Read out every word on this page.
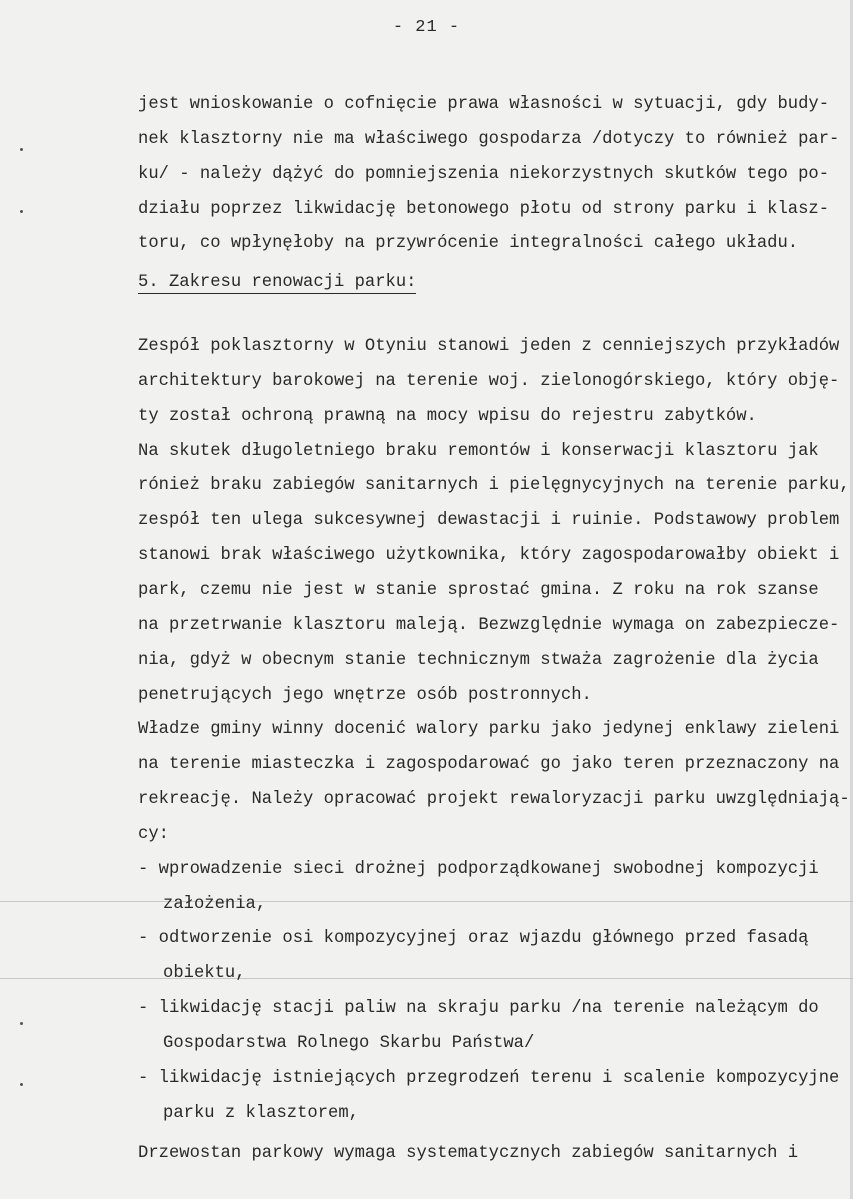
- 21 -
jest wnioskowanie o cofnięcie prawa własności w sytuacji, gdy budy-
nek klasztorny nie ma właściwego gospodarza /dotyczy to również par-
ku/ - należy dążyć do pomniejszenia niekorzystnych skutków tego po-
działu poprzez likwidację betonowego płotu od strony parku i klasz-
toru, co wpłynęłoby na przywrócenie integralności całego układu.
5. Zakresu renowacji parku:
Zespół poklasztorny w Otyniu stanowi jeden z cenniejszych przykładów
architektury barokowej na terenie woj. zielonogórskiego, który obję-
ty został ochroną prawną na mocy wpisu do rejestru zabytków.
Na skutek długoletniego braku remontów i konserwacji klasztoru jak
rónież braku zabiegów sanitarnych i pielęgnycyjnych na terenie parku,
zespół ten ulega sukcesywnej dewastacji i ruinie. Podstawowy problem
stanowi brak właściwego użytkownika, który zagospodarowałby obiekt i
park, czemu nie jest w stanie sprostać gmina. Z roku na rok szanse
na przetrwanie klasztoru maleją. Bezwzględnie wymaga on zabezpiecze-
nia, gdyż w obecnym stanie technicznym stważa zagrożenie dla życia
penetrujących jego wnętrze osób postronnych.
Władze gminy winny docenić walory parku jako jedynej enklawy zieleni
na terenie miasteczka i zagospodarować go jako teren przeznaczony na
rekreację. Należy opracować projekt rewaloryzacji parku uwzględniają-
cy:
- wprowadzenie sieci drożnej podporządkowanej swobodnej kompozycji
założenia,
- odtworzenie osi kompozycyjnej oraz wjazdu głównego przed fasadą
obiektu,
- likwidację stacji paliw na skraju parku /na terenie należącym do
Gospodarstwa Rolnego Skarbu Państwa/
- likwidację istniejących przegrodzeń terenu i scalenie kompozycyjne
parku z klasztorem,
Drzewostan parkowy wymaga systematycznych zabiegów sanitarnych i
